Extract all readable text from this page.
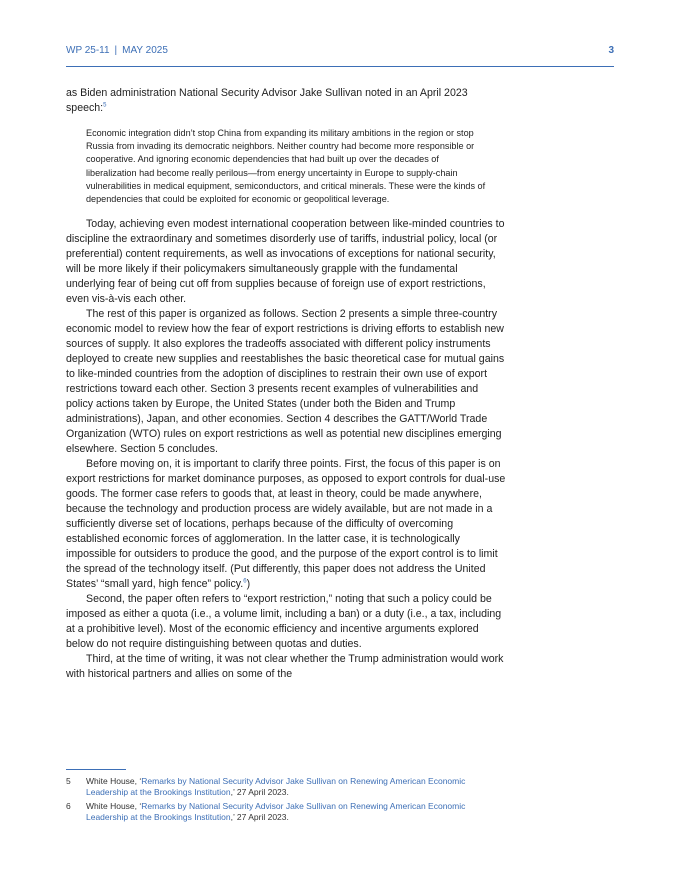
WP 25-11 | MAY 2025	3

as Biden administration National Security Advisor Jake Sullivan noted in an April 2023 speech:$^5$

Economic integration didn’t stop China from expanding its military ambitions in the region or stop Russia from invading its democratic neighbors. Neither country had become more responsible or cooperative. And ignoring economic dependencies that had built up over the decades of liberalization had become really perilous—from energy uncertainty in Europe to supply-chain vulnerabilities in medical equipment, semiconductors, and critical minerals. These were the kinds of dependencies that could be exploited for economic or geopolitical leverage.

Today, achieving even modest international cooperation between like-minded countries to discipline the extraordinary and sometimes disorderly use of tariffs, industrial policy, local (or preferential) content requirements, as well as invocations of exceptions for national security, will be more likely if their policymakers simultaneously grapple with the fundamental underlying fear of being cut off from supplies because of foreign use of export restrictions, even vis-à-vis each other.

The rest of this paper is organized as follows. Section 2 presents a simple three-country economic model to review how the fear of export restrictions is driving efforts to establish new sources of supply. It also explores the tradeoffs associated with different policy instruments deployed to create new supplies and reestablishes the basic theoretical case for mutual gains to like-minded countries from the adoption of disciplines to restrain their own use of export restrictions toward each other. Section 3 presents recent examples of vulnerabilities and policy actions taken by Europe, the United States (under both the Biden and Trump administrations), Japan, and other economies. Section 4 describes the GATT/World Trade Organization (WTO) rules on export restrictions as well as potential new disciplines emerging elsewhere. Section 5 concludes.

Before moving on, it is important to clarify three points. First, the focus of this paper is on export restrictions for market dominance purposes, as opposed to export controls for dual-use goods. The former case refers to goods that, at least in theory, could be made anywhere, because the technology and production process are widely available, but are not made in a sufficiently diverse set of locations, perhaps because of the difficulty of overcoming established economic forces of agglomeration. In the latter case, it is technologically impossible for outsiders to produce the good, and the purpose of the export control is to limit the spread of the technology itself. (Put differently, this paper does not address the United States’ “small yard, high fence” policy.$^6$)

Second, the paper often refers to “export restriction,” noting that such a policy could be imposed as either a quota (i.e., a volume limit, including a ban) or a duty (i.e., a tax, including at a prohibitive level). Most of the economic efficiency and incentive arguments explored below do not require distinguishing between quotas and duties.

Third, at the time of writing, it was not clear whether the Trump administration would work with historical partners and allies on some of the

5	White House, ‘Remarks by National Security Advisor Jake Sullivan on Renewing American Economic Leadership at the Brookings Institution,’ 27 April 2023.
6	White House, ‘Remarks by National Security Advisor Jake Sullivan on Renewing American Economic Leadership at the Brookings Institution,’ 27 April 2023.
